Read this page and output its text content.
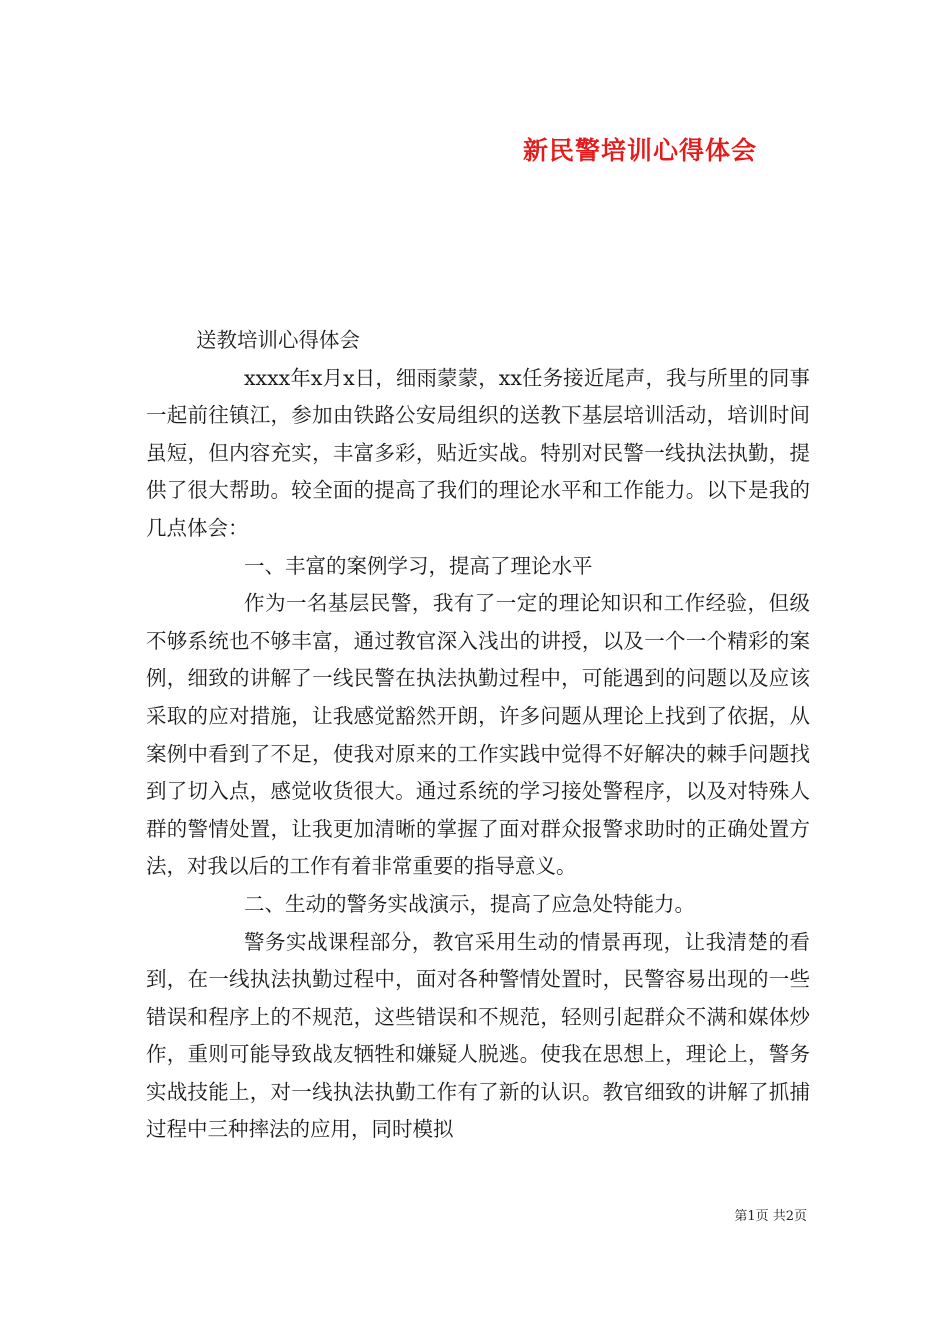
新民警培训心得体会

送教培训心得体会

xxxx年x月x日，细雨蒙蒙，xx任务接近尾声，我与所里的同事一起前往镇江，参加由铁路公安局组织的送教下基层培训活动，培训时间虽短，但内容充实，丰富多彩，贴近实战。特别对民警一线执法执勤，提供了很大帮助。较全面的提高了我们的理论水平和工作能力。以下是我的几点体会：

一、丰富的案例学习，提高了理论水平

作为一名基层民警，我有了一定的理论知识和工作经验，但级不够系统也不够丰富，通过教官深入浅出的讲授，以及一个一个精彩的案例，细致的讲解了一线民警在执法执勤过程中，可能遇到的问题以及应该采取的应对措施，让我感觉豁然开朗，许多问题从理论上找到了依据，从案例中看到了不足，使我对原来的工作实践中觉得不好解决的棘手问题找到了切入点，感觉收货很大。通过系统的学习接处警程序，以及对特殊人群的警情处置，让我更加清晰的掌握了面对群众报警求助时的正确处置方法，对我以后的工作有着非常重要的指导意义。

二、生动的警务实战演示，提高了应急处特能力。

警务实战课程部分，教官采用生动的情景再现，让我清楚的看到，在一线执法执勤过程中，面对各种警情处置时，民警容易出现的一些错误和程序上的不规范，这些错误和不规范，轻则引起群众不满和媒体炒作，重则可能导致战友牺牲和嫌疑人脱逃。使我在思想上，理论上，警务实战技能上，对一线执法执勤工作有了新的认识。教官细致的讲解了抓捕过程中三种摔法的应用，同时模拟

第1页 共2页
